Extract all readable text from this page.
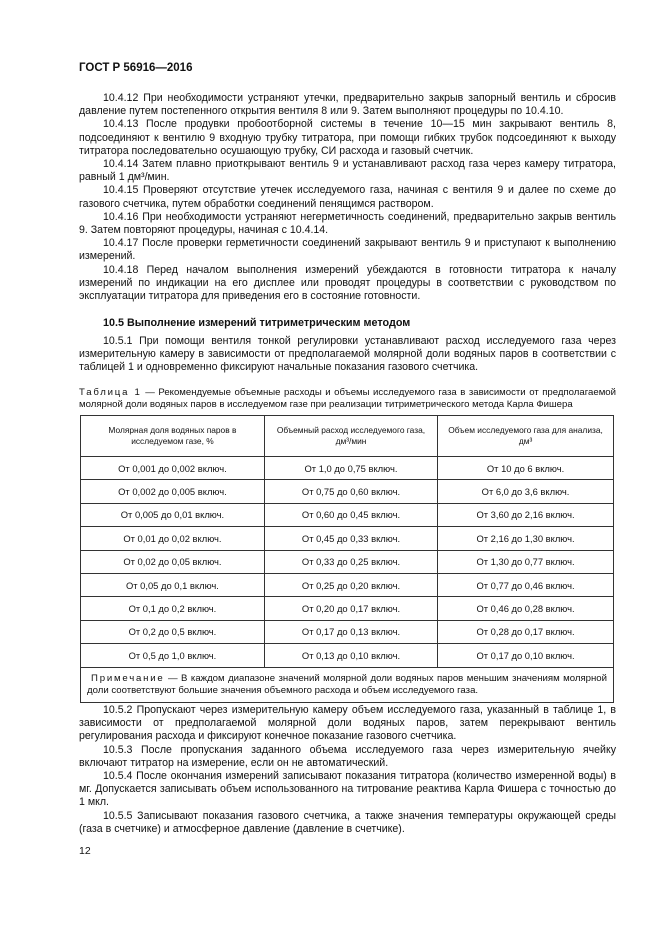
ГОСТ Р 56916—2016

10.4.12 При необходимости устраняют утечки, предварительно закрыв запорный вентиль и сбросив давление путем постепенного открытия вентиля 8 или 9. Затем выполняют процедуры по 10.4.10.

10.4.13 После продувки пробоотборной системы в течение 10—15 мин закрывают вентиль 8, подсоединяют к вентилю 9 входную трубку титратора, при помощи гибких трубок подсоединяют к выходу титратора последовательно осушающую трубку, СИ расхода и газовый счетчик.

10.4.14 Затем плавно приоткрывают вентиль 9 и устанавливают расход газа через камеру титратора, равный 1 дм³/мин.

10.4.15 Проверяют отсутствие утечек исследуемого газа, начиная с вентиля 9 и далее по схеме до газового счетчика, путем обработки соединений пенящимся раствором.

10.4.16 При необходимости устраняют негерметичность соединений, предварительно закрыв вентиль 9. Затем повторяют процедуры, начиная с 10.4.14.

10.4.17 После проверки герметичности соединений закрывают вентиль 9 и приступают к выполнению измерений.

10.4.18 Перед началом выполнения измерений убеждаются в готовности титратора к началу измерений по индикации на его дисплее или проводят процедуры в соответствии с руководством по эксплуатации титратора для приведения его в состояние готовности.

10.5 Выполнение измерений титриметрическим методом

10.5.1 При помощи вентиля тонкой регулировки устанавливают расход исследуемого газа через измерительную камеру в зависимости от предполагаемой молярной доли водяных паров в соответствии с таблицей 1 и одновременно фиксируют начальные показания газового счетчика.

Таблица 1 — Рекомендуемые объемные расходы и объемы исследуемого газа в зависимости от предполагаемой молярной доли водяных паров в исследуемом газе при реализации титриметрического метода Карла Фишера
Молярная доля водяных паров в исследуемом газе, %	Объемный расход исследуемого газа, дм³/мин	Объем исследуемого газа для анализа, дм³
От 0,001 до 0,002 включ.	От 1,0 до 0,75 включ.	От 10 до 6 включ.
От 0,002 до 0,005 включ.	От 0,75 до 0,60 включ.	От 6,0 до 3,6 включ.
От 0,005 до 0,01 включ.	От 0,60 до 0,45 включ.	От 3,60 до 2,16 включ.
От 0,01 до 0,02 включ.	От 0,45 до 0,33 включ.	От 2,16 до 1,30 включ.
От 0,02 до 0,05 включ.	От 0,33 до 0,25 включ.	От 1,30 до 0,77 включ.
От 0,05 до 0,1 включ.	От 0,25 до 0,20 включ.	От 0,77 до 0,46 включ.
От 0,1 до 0,2 включ.	От 0,20 до 0,17 включ.	От 0,46 до 0,28 включ.
От 0,2 до 0,5 включ.	От 0,17 до 0,13 включ.	От 0,28 до 0,17 включ.
От 0,5 до 1,0 включ.	От 0,13 до 0,10 включ.	От 0,17 до 0,10 включ.
Примечание — В каждом диапазоне значений молярной доли водяных паров меньшим значениям молярной доли соответствуют большие значения объемного расхода и объем исследуемого газа.		

10.5.2 Пропускают через измерительную камеру объем исследуемого газа, указанный в таблице 1, в зависимости от предполагаемой молярной доли водяных паров, затем перекрывают вентиль регулирования расхода и фиксируют конечное показание газового счетчика.

10.5.3 После пропускания заданного объема исследуемого газа через измерительную ячейку включают титратор на измерение, если он не автоматический.

10.5.4 После окончания измерений записывают показания титратора (количество измеренной воды) в мг. Допускается записывать объем использованного на титрование реактива Карла Фишера с точностью до 1 мкл.

10.5.5 Записывают показания газового счетчика, а также значения температуры окружающей среды (газа в счетчике) и атмосферное давление (давление в счетчике).

12
